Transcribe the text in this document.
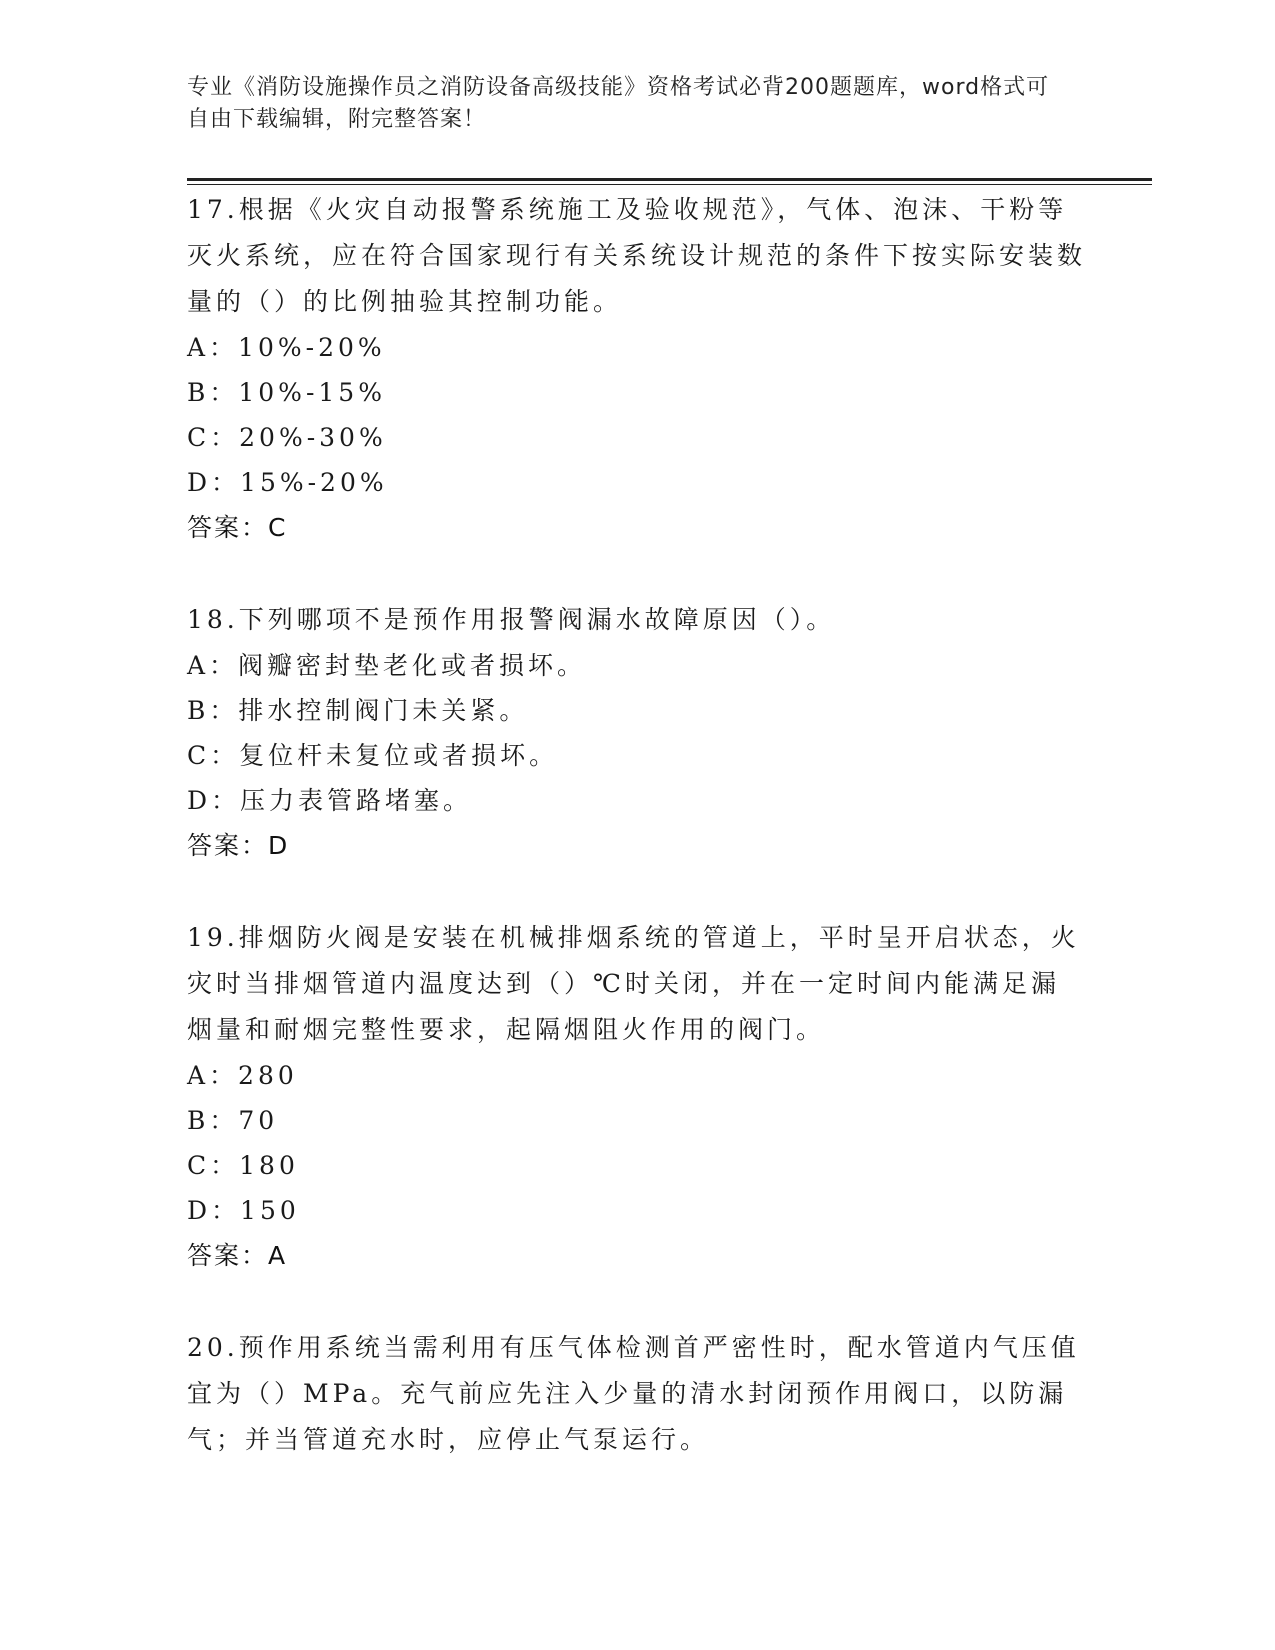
专业《消防设施操作员之消防设备高级技能》资格考试必背200题题库，word格式可自由下载编辑，附完整答案！
17.根据《火灾自动报警系统施工及验收规范》，气体、泡沫、干粉等灭火系统，应在符合国家现行有关系统设计规范的条件下按实际安装数量的（）的比例抽验其控制功能。
A：10%-20%
B：10%-15%
C：20%-30%
D：15%-20%
答案：C
18.下列哪项不是预作用报警阀漏水故障原因（）。
A：阀瓣密封垫老化或者损坏。
B：排水控制阀门未关紧。
C：复位杆未复位或者损坏。
D：压力表管路堵塞。
答案：D
19.排烟防火阀是安装在机械排烟系统的管道上，平时呈开启状态，火灾时当排烟管道内温度达到（）℃时关闭，并在一定时间内能满足漏烟量和耐烟完整性要求，起隔烟阻火作用的阀门。
A：280
B：70
C：180
D：150
答案：A
20.预作用系统当需利用有压气体检测首严密性时，配水管道内气压值宜为（）MPa。充气前应先注入少量的清水封闭预作用阀口，以防漏气；并当管道充水时，应停止气泵运行。
